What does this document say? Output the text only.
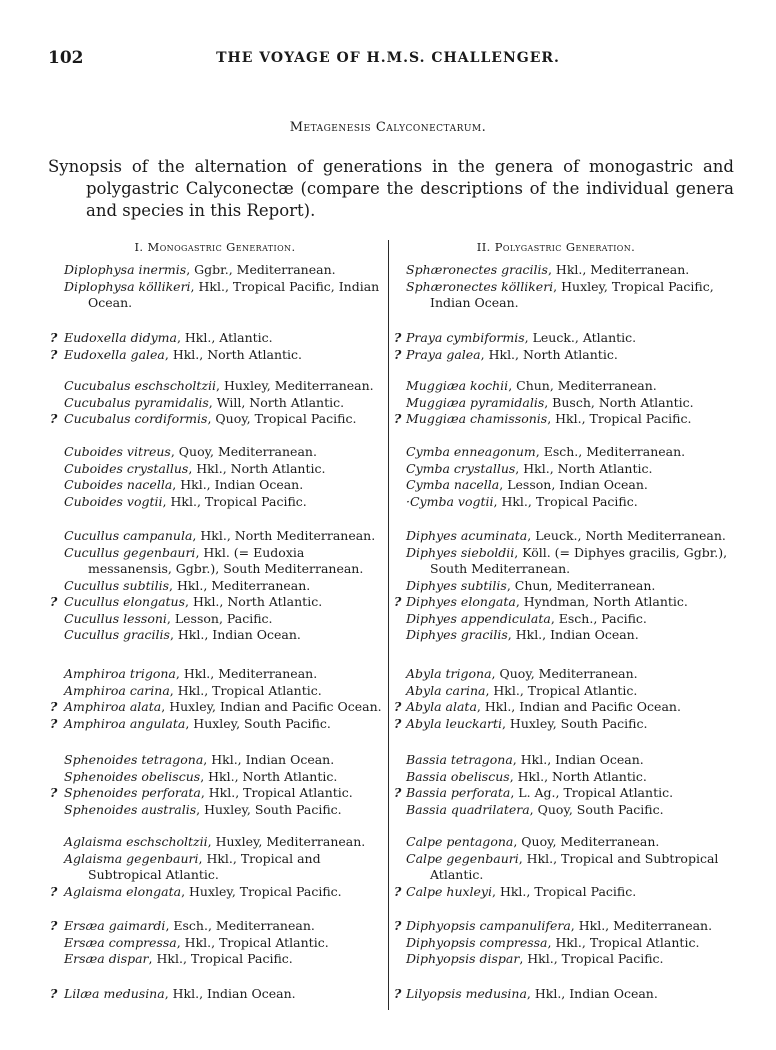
102	THE VOYAGE OF H.M.S. CHALLENGER.
Metagenesis Calyconectarum.
Synopsis of the alternation of generations in the genera of monogastric and polygastric Calyconectæ (compare the descriptions of the individual genera and species in this Report).
I. Monogastric Generation.	II. Polygastric Generation.
Diplophysa inermis, Ggbr., Mediterranean.
Diplophysa köllikeri, Hkl., Tropical Pacific, Indian Ocean.
? Eudoxella didyma, Hkl., Atlantic.
? Eudoxella galea, Hkl., North Atlantic.
Cucubalus eschscholtzii, Huxley, Mediterranean.
Cucubalus pyramidalis, Will, North Atlantic.
? Cucubalus cordiformis, Quoy, Tropical Pacific.
Cuboides vitreus, Quoy, Mediterranean.
Cuboides crystallus, Hkl., North Atlantic.
Cuboides nacella, Hkl., Indian Ocean.
Cuboides vogtii, Hkl., Tropical Pacific.
Cucullus campanula, Hkl., North Mediterranean.
Cucullus gegenbauri, Hkl. (= Eudoxia messanensis, Ggbr.), South Mediterranean.
Cucullus subtilis, Hkl., Mediterranean.
? Cucullus elongatus, Hkl., North Atlantic.
Cucullus lessoni, Lesson, Pacific.
Cucullus gracilis, Hkl., Indian Ocean.
Amphiroa trigona, Hkl., Mediterranean.
Amphiroa carina, Hkl., Tropical Atlantic.
? Amphiroa alata, Huxley, Indian and Pacific Ocean.
? Amphiroa angulata, Huxley, South Pacific.
Sphenoides tetragona, Hkl., Indian Ocean.
Sphenoides obeliscus, Hkl., North Atlantic.
? Sphenoides perforata, Hkl., Tropical Atlantic.
Sphenoides australis, Huxley, South Pacific.
Aglaisma eschscholtzii, Huxley, Mediterranean.
Aglaisma gegenbauri, Hkl., Tropical and Subtropical Atlantic.
? Aglaisma elongata, Huxley, Tropical Pacific.
? Ersæa gaimardi, Esch., Mediterranean.
Ersæa compressa, Hkl., Tropical Atlantic.
Ersæa dispar, Hkl., Tropical Pacific.
? Lilæa medusina, Hkl., Indian Ocean.
Sphæronectes gracilis, Hkl., Mediterranean.
Sphæronectes köllikeri, Huxley, Tropical Pacific, Indian Ocean.
? Praya cymbiformis, Leuck., Atlantic.
? Praya galea, Hkl., North Atlantic.
Muggiæa kochii, Chun, Mediterranean.
Muggiæa pyramidalis, Busch, North Atlantic.
? Muggiæa chamissonis, Hkl., Tropical Pacific.
Cymba enneagonum, Esch., Mediterranean.
Cymba crystallus, Hkl., North Atlantic.
Cymba nacella, Lesson, Indian Ocean.
·Cymba vogtii, Hkl., Tropical Pacific.
Diphyes acuminata, Leuck., North Mediterranean.
Diphyes sieboldii, Köll. (= Diphyes gracilis, Ggbr.), South Mediterranean.
Diphyes subtilis, Chun, Mediterranean.
? Diphyes elongata, Hyndman, North Atlantic.
Diphyes appendiculata, Esch., Pacific.
Diphyes gracilis, Hkl., Indian Ocean.
Abyla trigona, Quoy, Mediterranean.
Abyla carina, Hkl., Tropical Atlantic.
? Abyla alata, Hkl., Indian and Pacific Ocean.
? Abyla leuckarti, Huxley, South Pacific.
Bassia tetragona, Hkl., Indian Ocean.
Bassia obeliscus, Hkl., North Atlantic.
? Bassia perforata, L. Ag., Tropical Atlantic.
Bassia quadrilatera, Quoy, South Pacific.
Calpe pentagona, Quoy, Mediterranean.
Calpe gegenbauri, Hkl., Tropical and Subtropical Atlantic.
? Calpe huxleyi, Hkl., Tropical Pacific.
? Diphyopsis campanulifera, Hkl., Mediterranean.
Diphyopsis compressa, Hkl., Tropical Atlantic.
Diphyopsis dispar, Hkl., Tropical Pacific.
? Lilyopsis medusina, Hkl., Indian Ocean.
